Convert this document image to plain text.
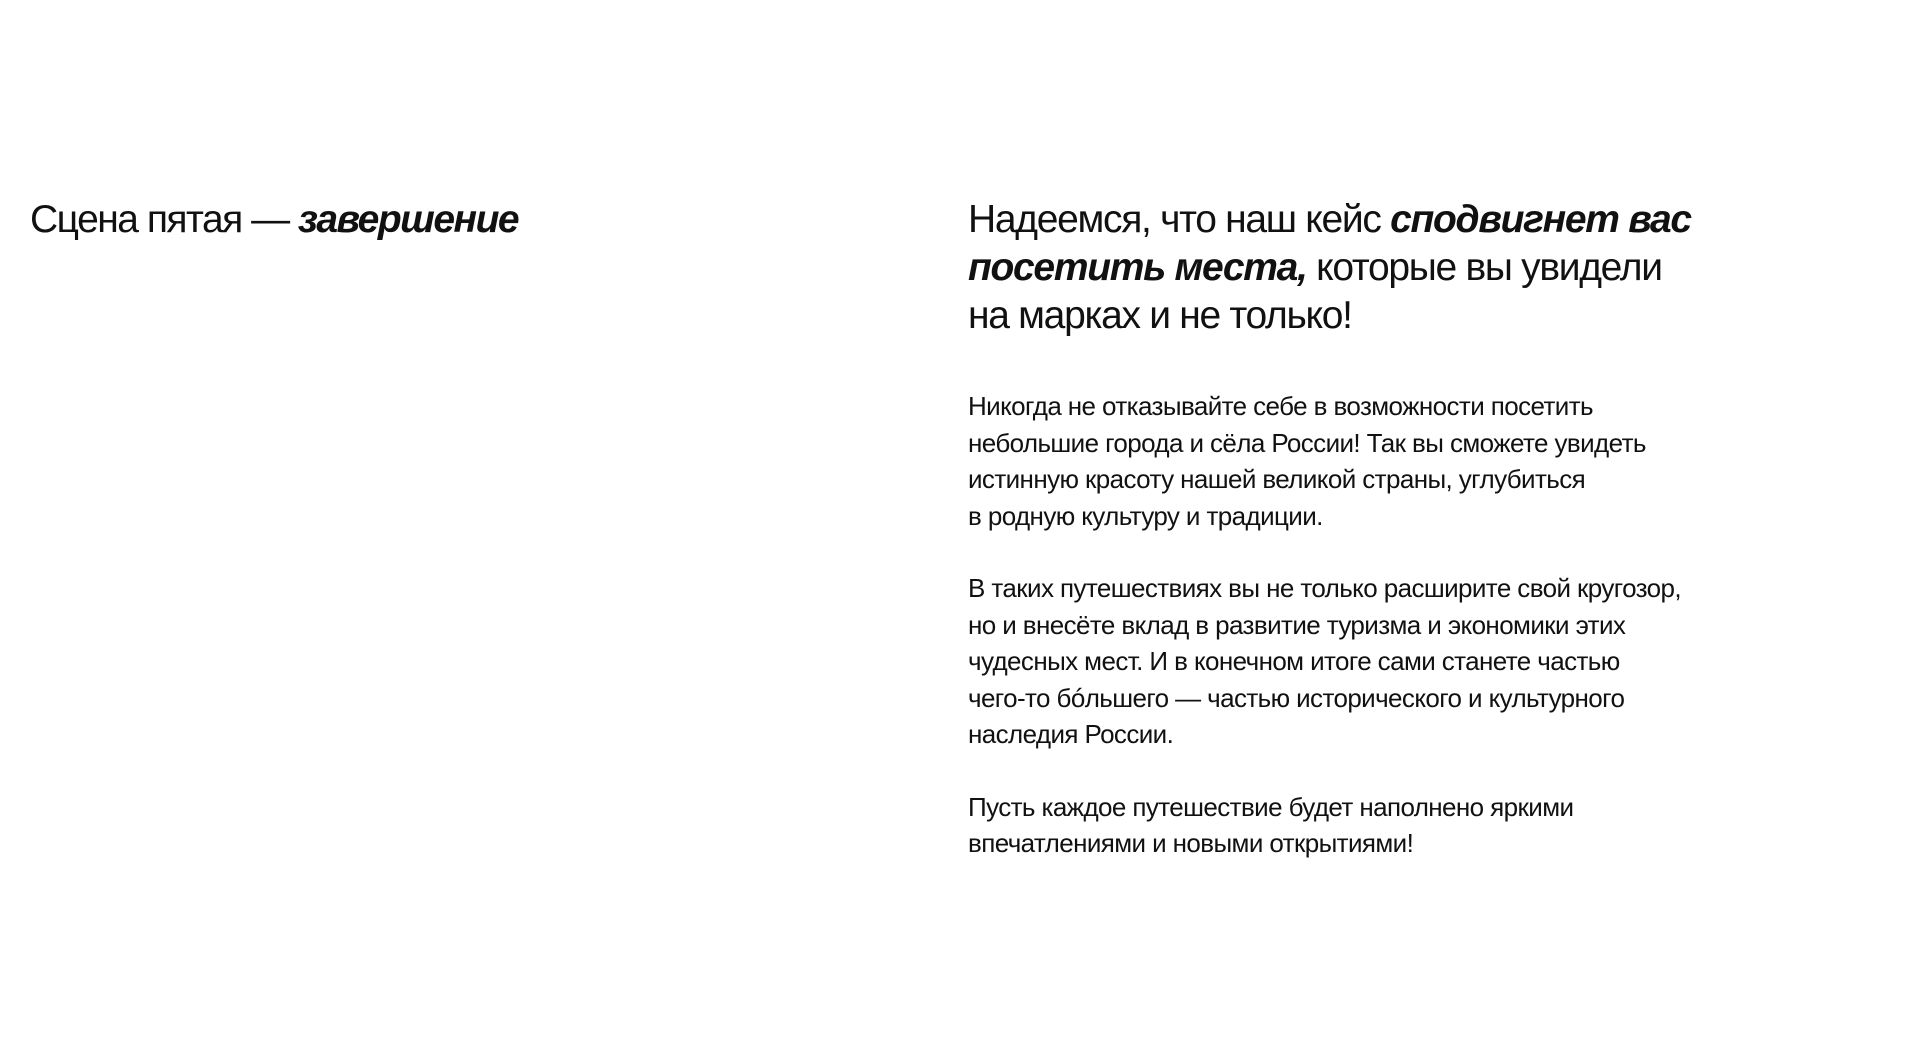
Сцена пятая — завершение	Надеемся, что наш кейс сподвигнет вас
посетить места, которые вы увидели
на марках и не только!

Никогда не отказывайте себе в возможности посетить
небольшие города и сёла России! Так вы сможете увидеть
истинную красоту нашей великой страны, углубиться
в родную культуру и традиции.

В таких путешествиях вы не только расширите свой кругозор,
но и внесёте вклад в развитие туризма и экономики этих
чудесных мест. И в конечном итоге сами станете частью
чего-то бóльшего — частью исторического и культурного
наследия России.

Пусть каждое путешествие будет наполнено яркими
впечатлениями и новыми открытиями!
